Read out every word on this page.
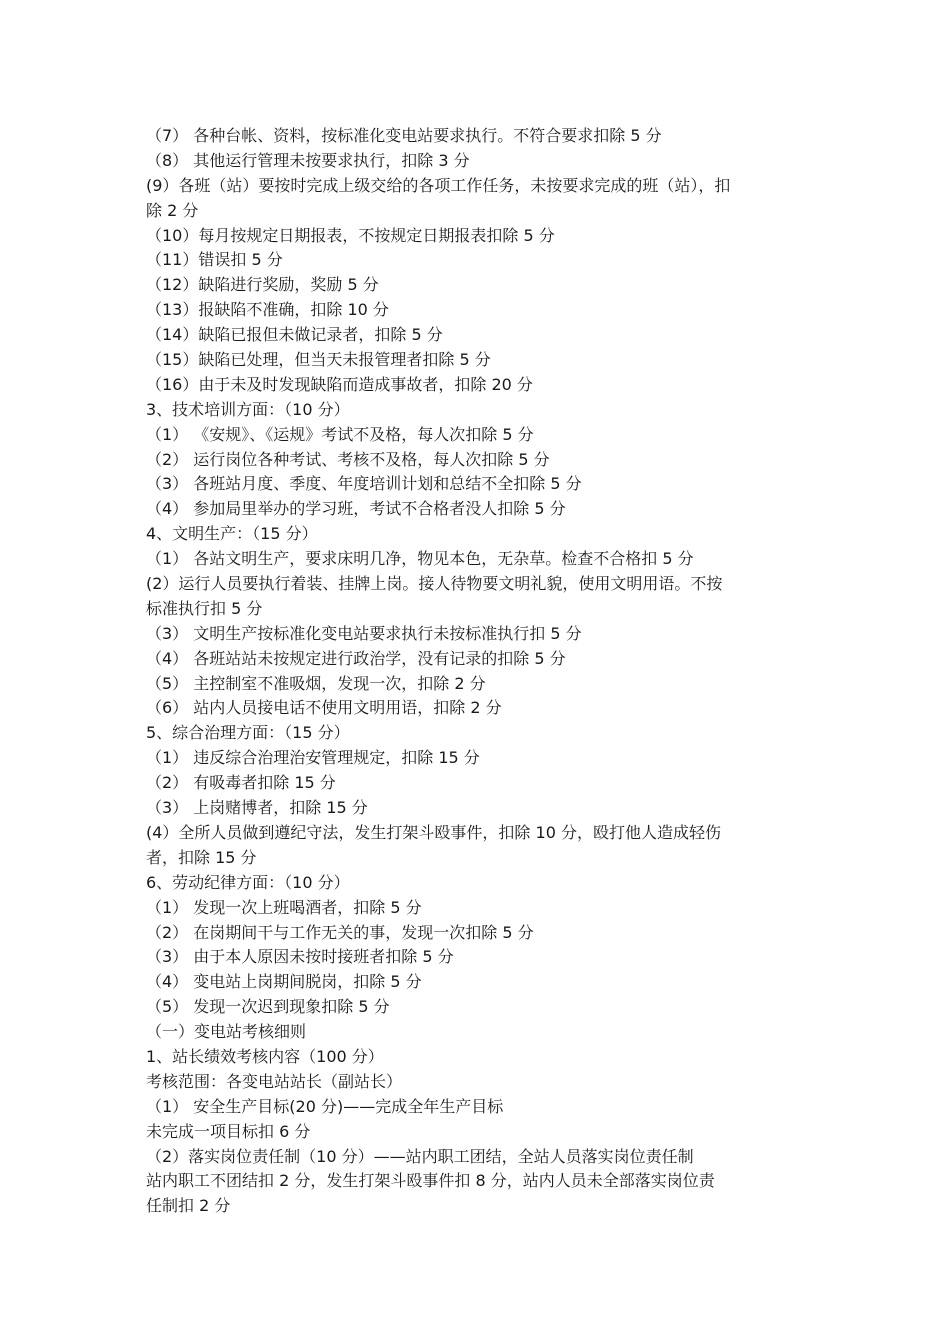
（7） 各种台帐、资料，按标准化变电站要求执行。不符合要求扣除 5 分
（8） 其他运行管理未按要求执行，扣除 3 分
(9）各班（站）要按时完成上级交给的各项工作任务，未按要求完成的班（站），扣
除 2 分
（10）每月按规定日期报表，不按规定日期报表扣除 5 分
（11）错误扣 5 分
（12）缺陷进行奖励，奖励 5 分
（13）报缺陷不准确，扣除 10 分
（14）缺陷已报但未做记录者，扣除 5 分
（15）缺陷已处理，但当天未报管理者扣除 5 分
（16）由于未及时发现缺陷而造成事故者，扣除 20 分
3、技术培训方面：（10 分）
（1） 《安规》、《运规》考试不及格，每人次扣除 5 分
（2） 运行岗位各种考试、考核不及格，每人次扣除 5 分
（3） 各班站月度、季度、年度培训计划和总结不全扣除 5 分
（4） 参加局里举办的学习班，考试不合格者没人扣除 5 分
4、文明生产：（15 分）
（1） 各站文明生产，要求床明几净，物见本色，无杂草。检查不合格扣 5 分
(2）运行人员要执行着装、挂牌上岗。接人待物要文明礼貌，使用文明用语。不按
标准执行扣 5 分
（3） 文明生产按标准化变电站要求执行未按标准执行扣 5 分
（4） 各班站站未按规定进行政治学，没有记录的扣除 5 分
（5） 主控制室不准吸烟，发现一次，扣除 2 分
（6） 站内人员接电话不使用文明用语，扣除 2 分
5、综合治理方面：（15 分）
（1） 违反综合治理治安管理规定，扣除 15 分
（2） 有吸毒者扣除 15 分
（3） 上岗赌博者，扣除 15 分
(4）全所人员做到遵纪守法，发生打架斗殴事件，扣除 10 分，殴打他人造成轻伤
者，扣除 15 分
6、劳动纪律方面：（10 分）
（1） 发现一次上班喝酒者，扣除 5 分
（2） 在岗期间干与工作无关的事，发现一次扣除 5 分
（3） 由于本人原因未按时接班者扣除 5 分
（4） 变电站上岗期间脱岗，扣除 5 分
（5） 发现一次迟到现象扣除 5 分
（一）变电站考核细则
1、站长绩效考核内容（100 分）
考核范围：各变电站站长（副站长）
（1） 安全生产目标(20 分)——完成全年生产目标
未完成一项目标扣 6 分
（2）落实岗位责任制（10 分）——站内职工团结，全站人员落实岗位责任制
站内职工不团结扣 2 分，发生打架斗殴事件扣 8 分，站内人员未全部落实岗位责
任制扣 2 分
